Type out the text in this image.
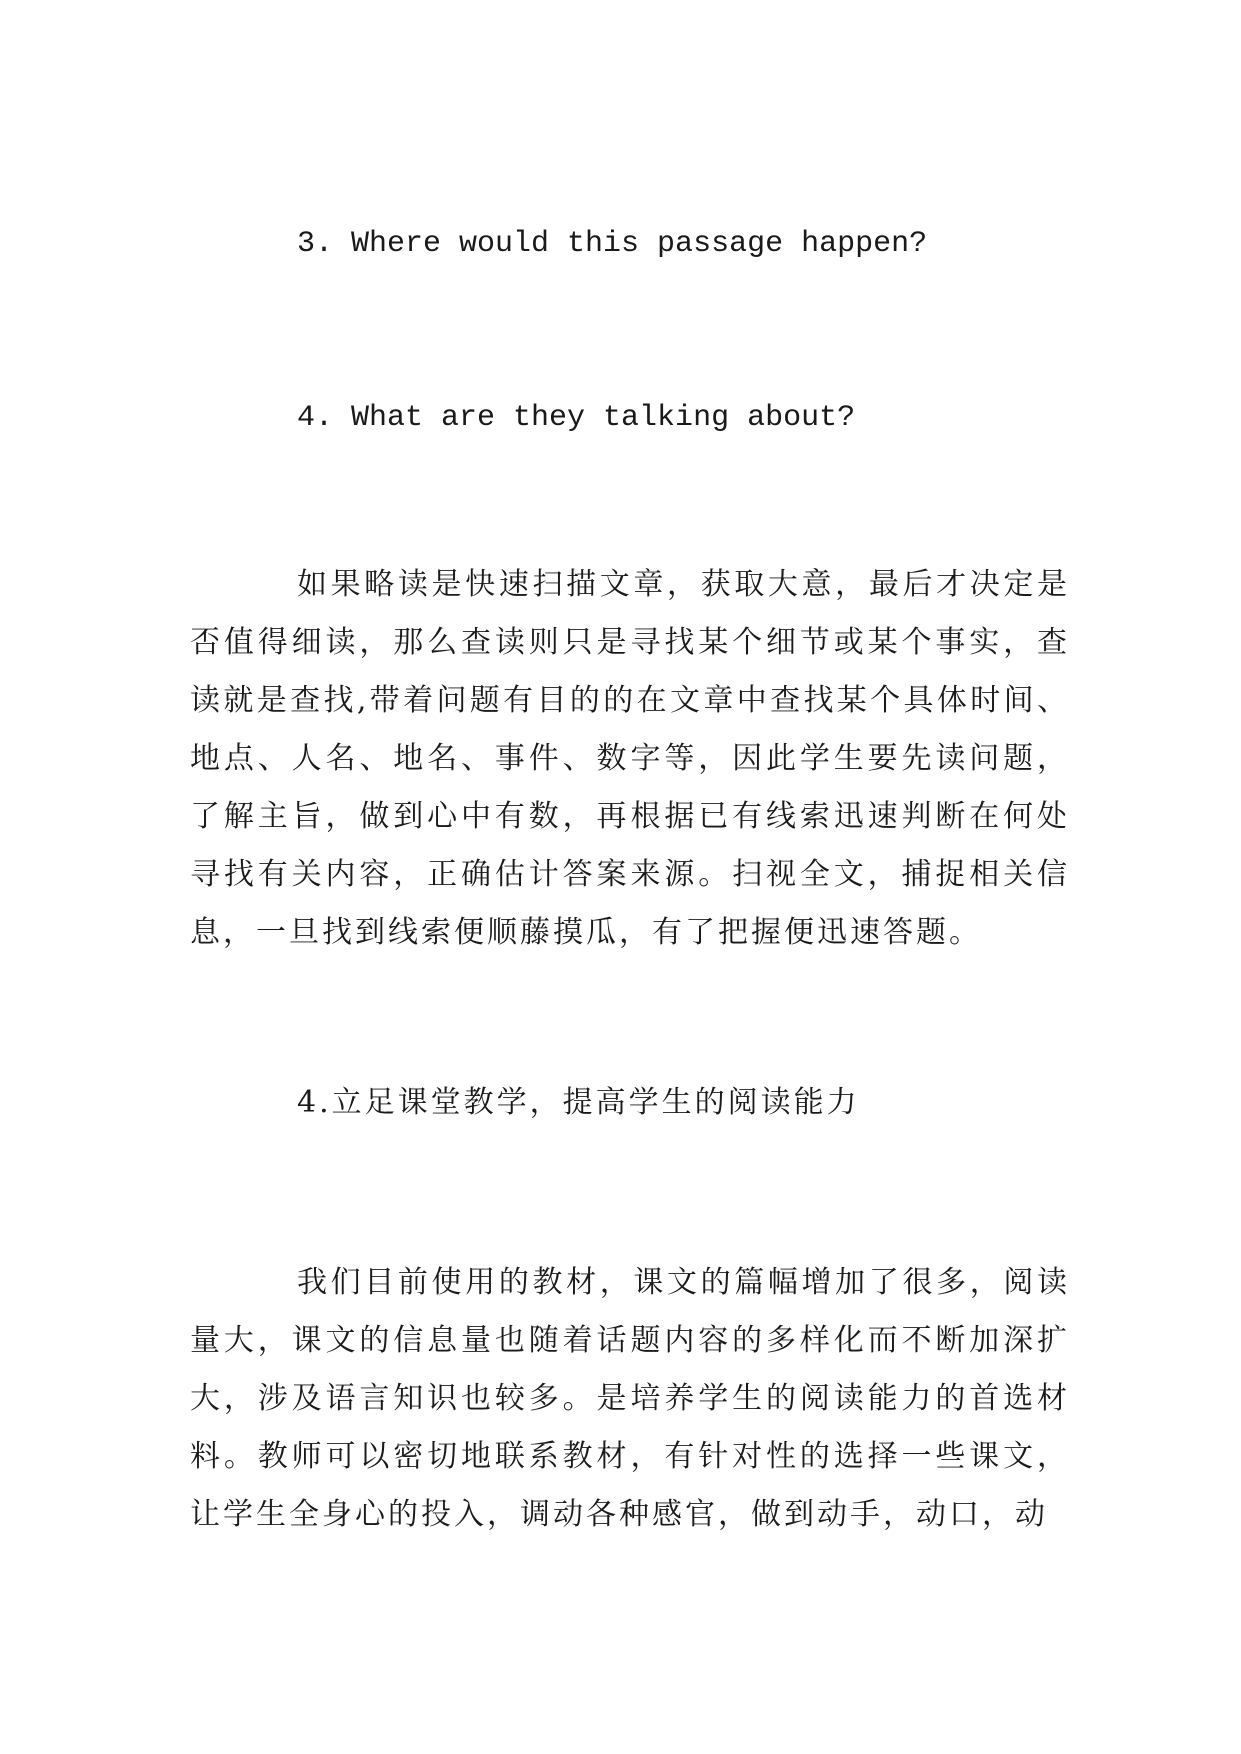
3. Where would this passage happen?
4. What are they talking about?

如果略读是快速扫描文章，获取大意，最后才决定是否值得细读，那么查读则只是寻找某个细节或某个事实，查读就是查找,带着问题有目的的在文章中查找某个具体时间、地点、人名、地名、事件、数字等，因此学生要先读问题，了解主旨，做到心中有数，再根据已有线索迅速判断在何处寻找有关内容，正确估计答案来源。扫视全文，捕捉相关信息，一旦找到线索便顺藤摸瓜，有了把握便迅速答题。

4.立足课堂教学，提高学生的阅读能力

我们目前使用的教材，课文的篇幅增加了很多，阅读量大，课文的信息量也随着话题内容的多样化而不断加深扩大，涉及语言知识也较多。是培养学生的阅读能力的首选材料。教师可以密切地联系教材，有针对性的选择一些课文，让学生全身心的投入，调动各种感官，做到动手，动口，动
